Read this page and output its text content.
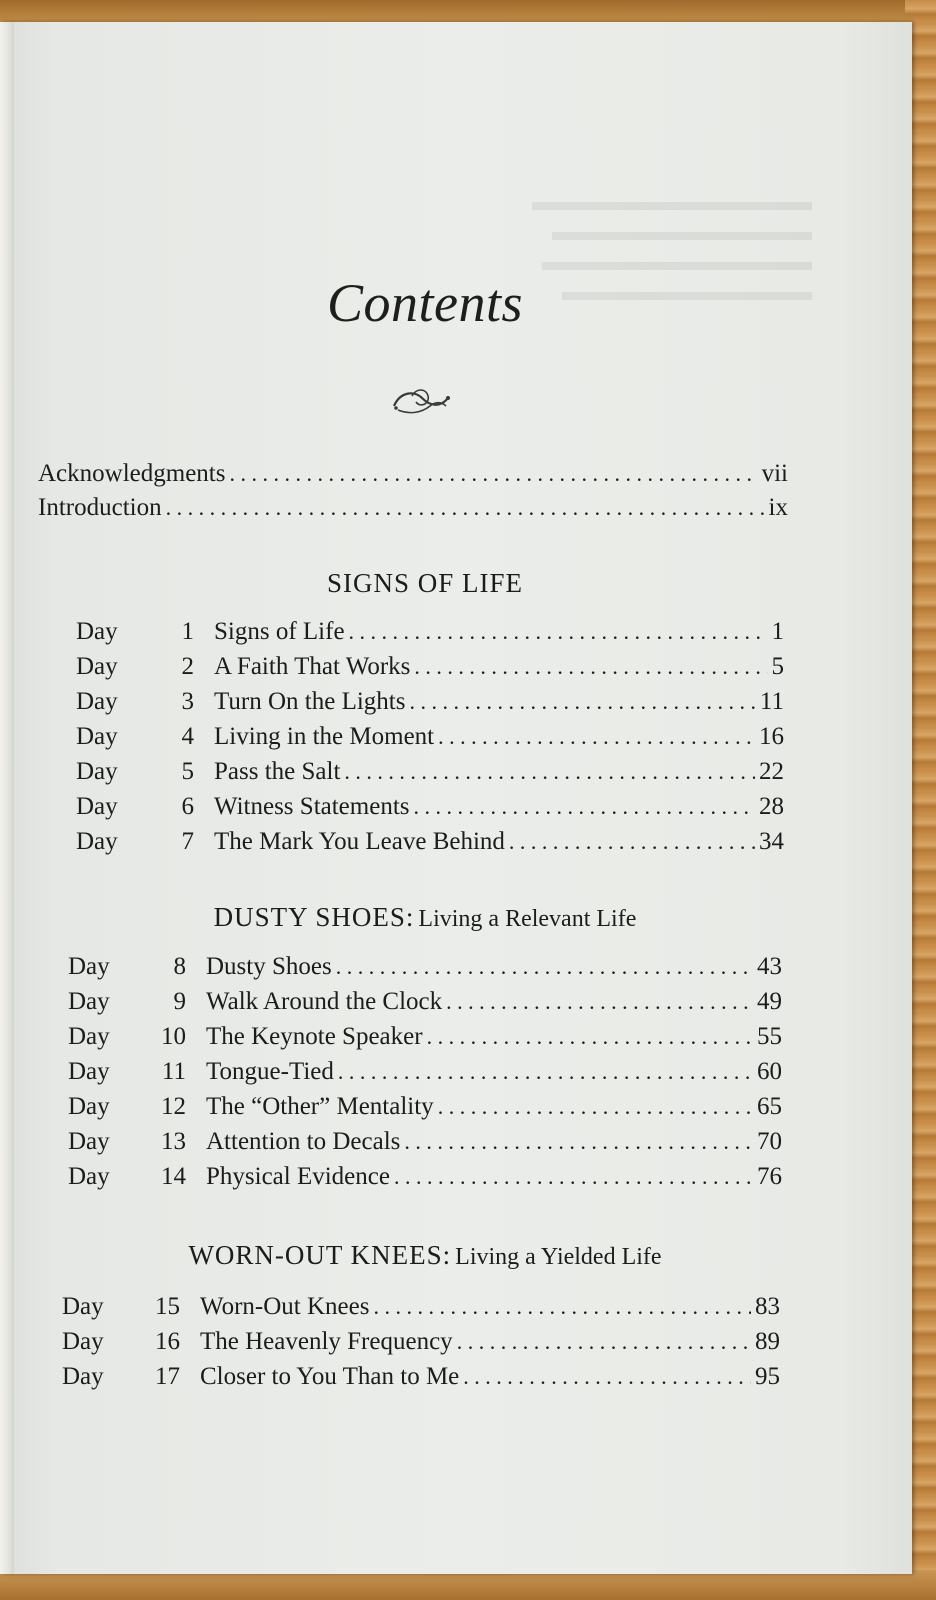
Contents
Acknowledgments . . .	vii
Introduction . . .	ix
SIGNS OF LIFE
Day	1 Signs of Life . . .	1
Day	2 A Faith That Works . . .	5
Day	3 Turn On the Lights . . .	11
Day	4 Living in the Moment . . .	16
Day	5 Pass the Salt . . .	22
Day	6 Witness Statements . . .	28
Day	7 The Mark You Leave Behind . . .	34
DUSTY SHOES: Living a Relevant Life
Day	8 Dusty Shoes . . .	43
Day	9 Walk Around the Clock . . .	49
Day	10 The Keynote Speaker . . .	55
Day	11 Tongue-Tied . . .	60
Day	12 The “Other” Mentality . . .	65
Day	13 Attention to Decals . . .	70
Day	14 Physical Evidence . . .	76
WORN-OUT KNEES: Living a Yielded Life
Day	15 Worn-Out Knees . . .	83
Day	16 The Heavenly Frequency . . .	89
Day	17 Closer to You Than to Me . . .	95
